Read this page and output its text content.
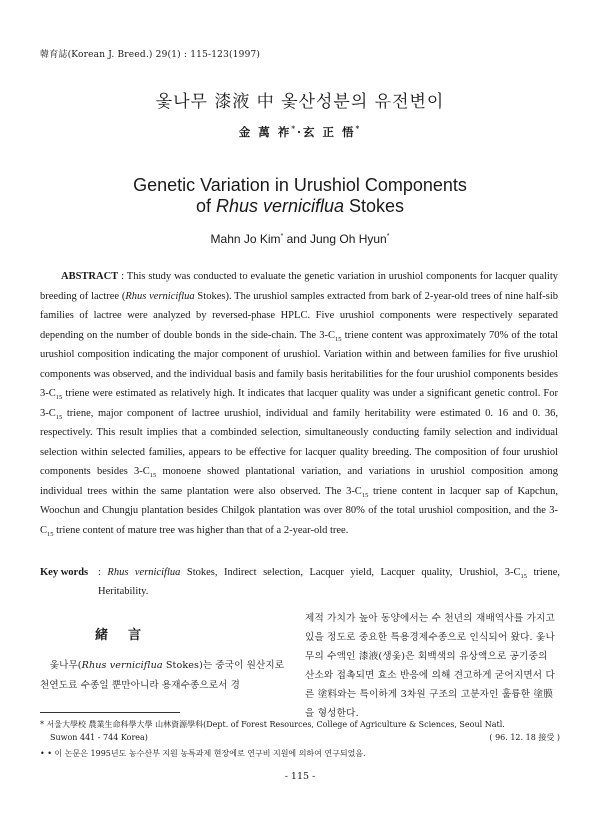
韓育誌(Korean J. Breed.) 29(1) : 115-123(1997)
옻나무 漆液 中 옻산성분의 유전변이
金 萬 祚*·玄 正 悟*
Genetic Variation in Urushiol Components
of Rhus verniciflua Stokes
Mahn Jo Kim* and Jung Oh Hyun*
  ABSTRACT : This study was conducted to evaluate the genetic variation in urushiol components for lacquer quality breeding of lactree (Rhus verniciflua Stokes). The urushiol samples extracted from bark of 2-year-old trees of nine half-sib families of lactree were analyzed by reversed-phase HPLC. Five urushiol components were respectively separated depending on the number of double bonds in the side-chain. The $3-C_{15}$ triene content was approximately 70% of the total urushiol composition indicating the major component of urushiol. Variation within and between families for five urushiol components was observed, and the individual basis and family basis heritabilities for the four urushiol components besides $3-C_{15}$ triene were estimated as relatively high. It indicates that lacquer quality was under a significant genetic control. For $3-C_{15}$ triene, major component of lactree urushiol, individual and family heritability were estimated 0. 16 and 0. 36, respectively. This result implies that a combinded selection, simultaneously conducting family selection and individual selection within selected families, appears to be effective for lacquer quality breeding. The composition of four urushiol components besides $3-C_{15}$ monoene showed plantational variation, and variations in urushiol composition among individual trees within the same plantation were also observed. The $3-C_{15}$ triene content in lacquer sap of Kapchun, Woochun and Chungju plantation besides Chilgok plantation was over 80% of the total urushiol composition, and the $3-C_{15}$ triene content of mature tree was higher than that of a 2-year-old tree.
Key words : Rhus verniciflua Stokes, Indirect selection, Lacquer yield, Lacquer quality, Urushiol, $3-C_{15}$ triene, Heritability.
緒言
 옻나무(Rhus verniciflua Stokes)는 중국이 원산지로 천연도료 수종일 뿐만아니라 용재수종으로서 경
제적 가치가 높아 동양에서는 수 천년의 재배역사를 가지고 있을 정도로 중요한 특용경제수종으로 인식되어 왔다. 옻나무의 수액인 漆液(생옻)은 회백색의 유상액으로 공기중의 산소와 접촉되면 효소 반응에 의해 견고하게 굳어지면서 다른 塗料와는 특이하게 3차원 구조의 고분자인 훌륭한 塗膜을 형성한다.
* 서울大學校 農業生命科學大學 山林資源學科(Dept. of Forest Resources, College of Agriculture & Sciences, Seoul Natl.
Suwon 441 - 744 Korea)	( 96. 12. 18 接受 )
• • 이 논문은 1995년도 농수산부 지원 농특과제 현장에로 연구비 지원에 의하여 연구되었음.
- 115 -
